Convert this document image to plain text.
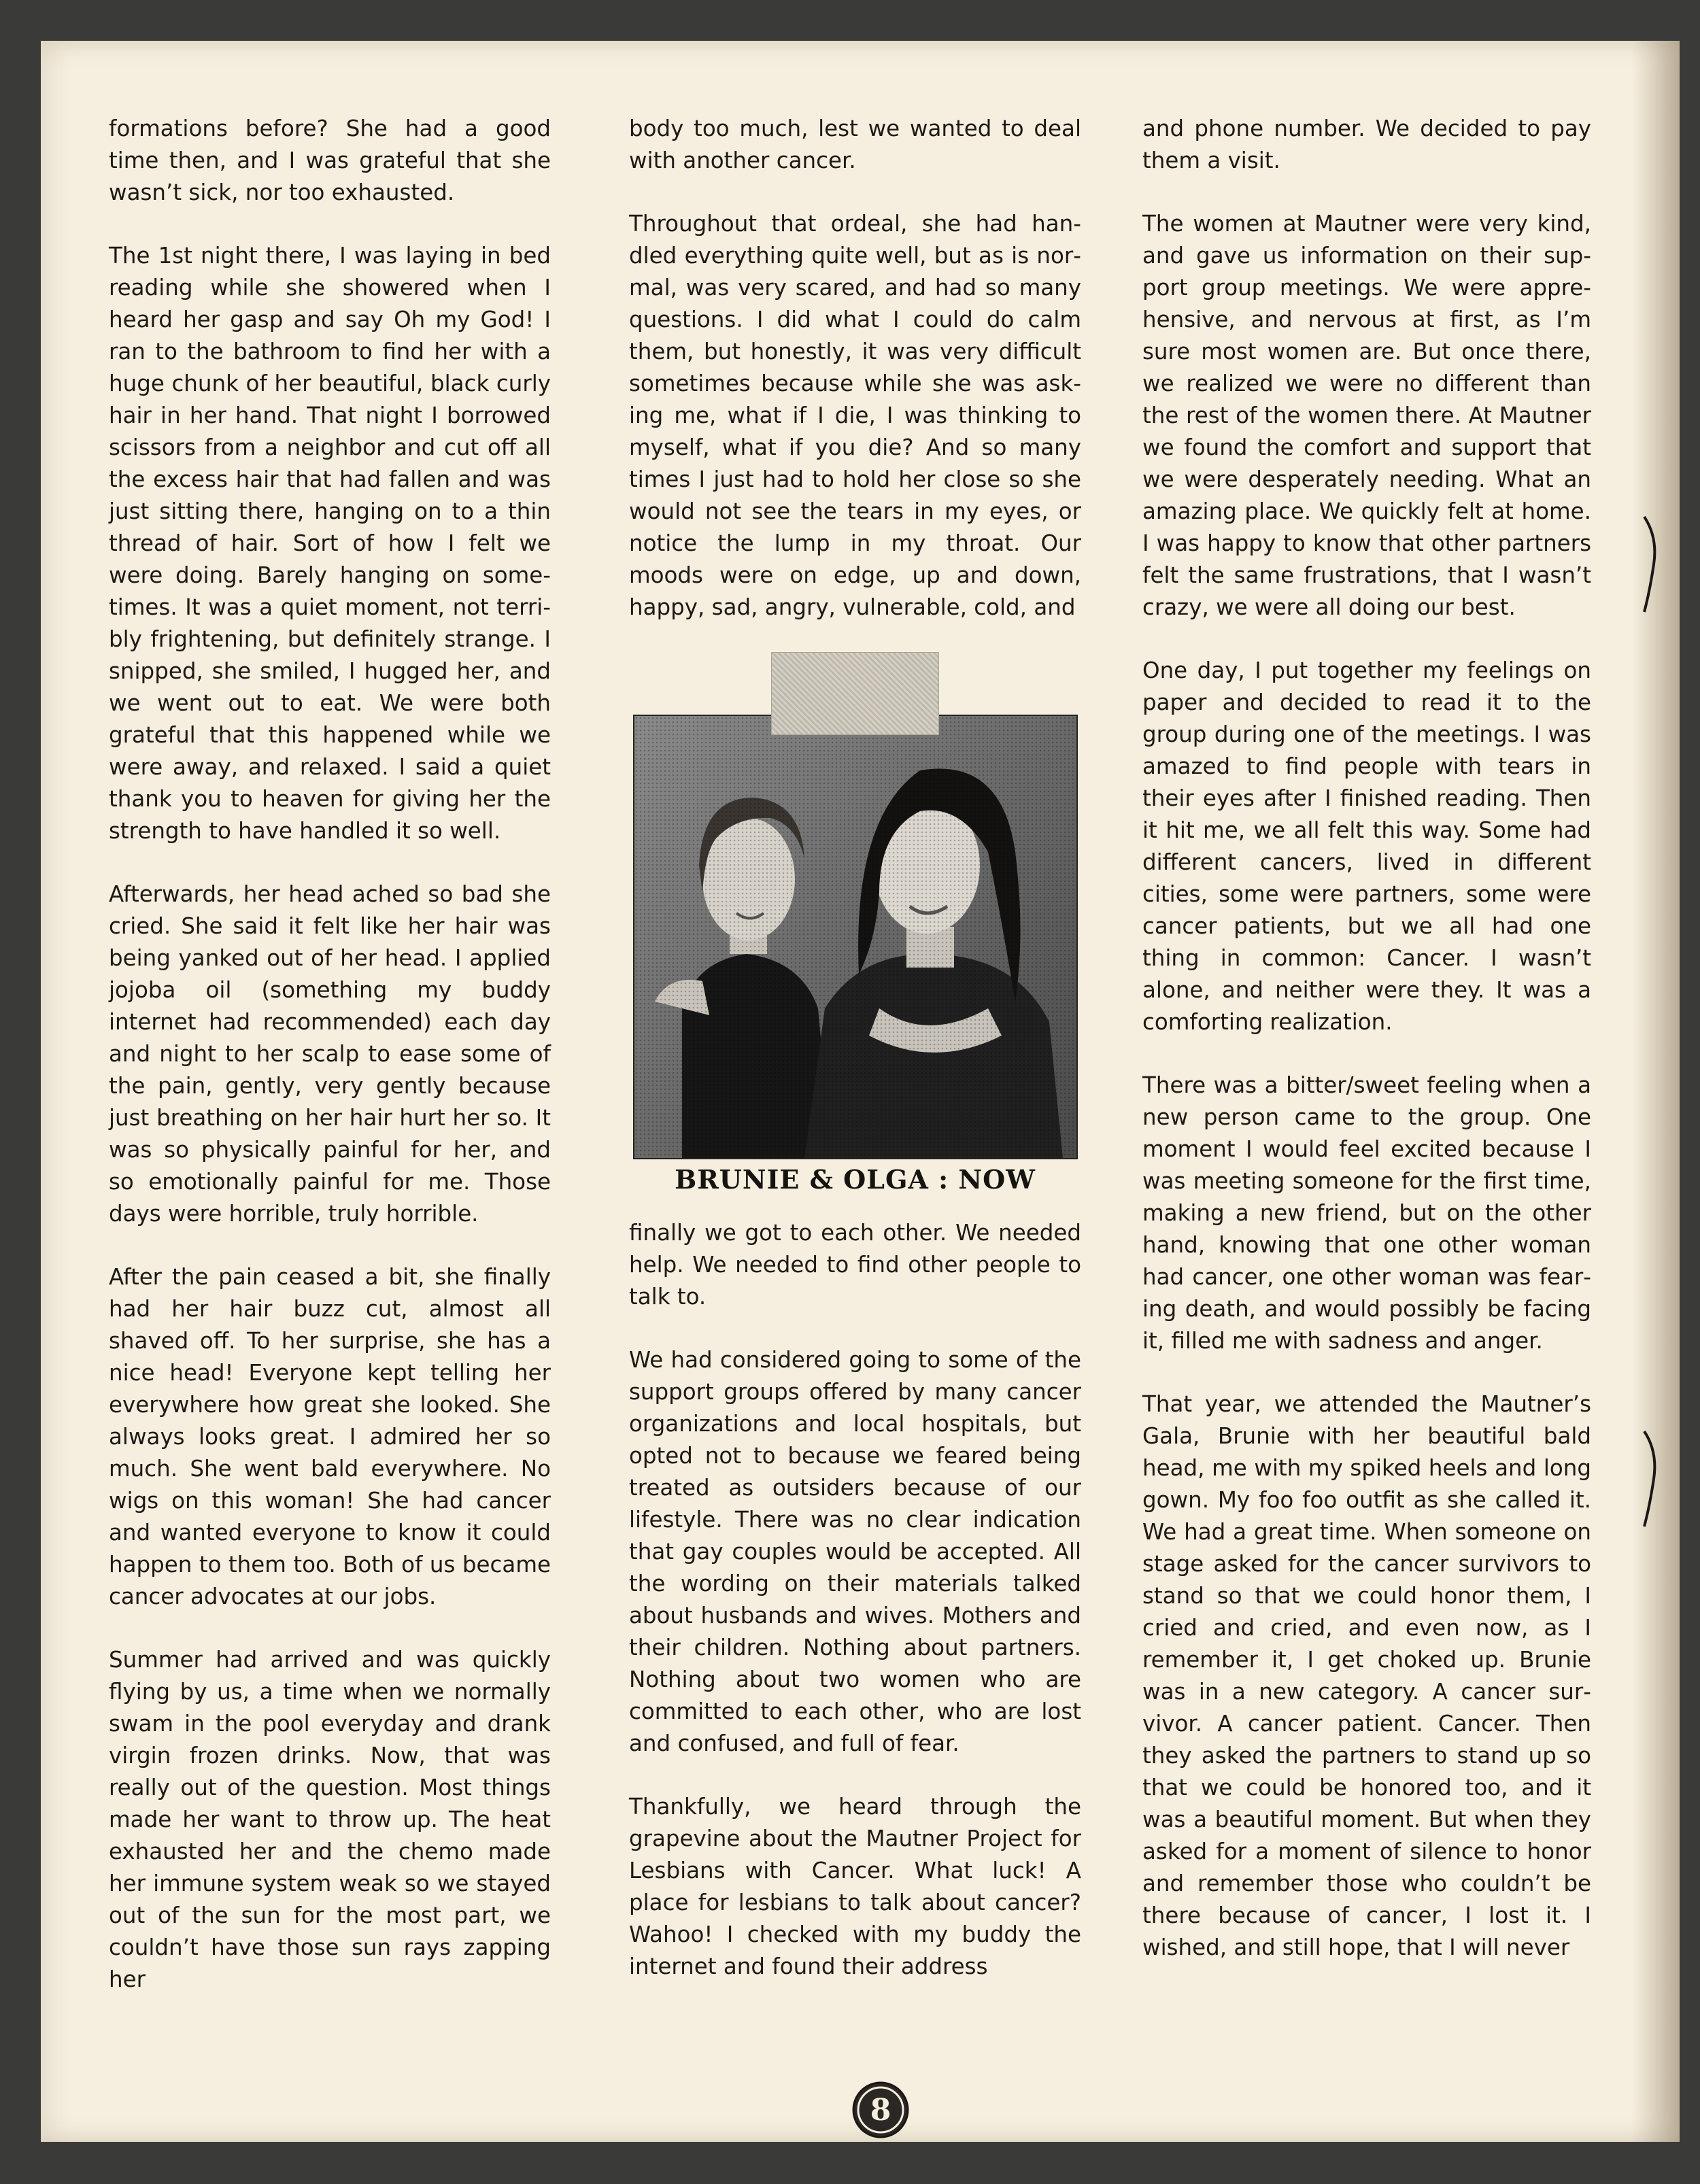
formations before? She had a good time then, and I was grateful that she wasn’t sick, nor too exhausted.

The 1st night there, I was laying in bed reading while she showered when I heard her gasp and say Oh my God! I ran to the bathroom to find her with a huge chunk of her beautiful, black curly hair in her hand. That night I borrowed scissors from a neighbor and cut off all the excess hair that had fallen and was just sitting there, hanging on to a thin thread of hair. Sort of how I felt we were doing. Barely hanging on sometimes. It was a quiet moment, not terribly frightening, but definitely strange. I snipped, she smiled, I hugged her, and we went out to eat. We were both grateful that this happened while we were away, and relaxed. I said a quiet thank you to heaven for giving her the strength to have handled it so well.

Afterwards, her head ached so bad she cried. She said it felt like her hair was being yanked out of her head. I applied jojoba oil (something my buddy internet had recommended) each day and night to her scalp to ease some of the pain, gently, very gently because just breathing on her hair hurt her so. It was so physically painful for her, and so emotionally painful for me. Those days were horrible, truly horrible.

After the pain ceased a bit, she finally had her hair buzz cut, almost all shaved off. To her surprise, she has a nice head! Everyone kept telling her everywhere how great she looked. She always looks great. I admired her so much. She went bald everywhere. No wigs on this woman! She had cancer and wanted everyone to know it could happen to them too. Both of us became cancer advocates at our jobs.

Summer had arrived and was quickly flying by us, a time when we normally swam in the pool everyday and drank virgin frozen drinks. Now, that was really out of the question. Most things made her want to throw up. The heat exhausted her and the chemo made her immune system weak so we stayed out of the sun for the most part, we couldn’t have those sun rays zapping her

body too much, lest we wanted to deal with another cancer.

Throughout that ordeal, she had handled everything quite well, but as is normal, was very scared, and had so many questions. I did what I could do calm them, but honestly, it was very difficult sometimes because while she was asking me, what if I die, I was thinking to myself, what if you die? And so many times I just had to hold her close so she would not see the tears in my eyes, or notice the lump in my throat. Our moods were on edge, up and down, happy, sad, angry, vulnerable, cold, and

BRUNIE & OLGA : NOW

finally we got to each other. We needed help. We needed to find other people to talk to.

We had considered going to some of the support groups offered by many cancer organizations and local hospitals, but opted not to because we feared being treated as outsiders because of our lifestyle. There was no clear indication that gay couples would be accepted. All the wording on their materials talked about husbands and wives. Mothers and their children. Nothing about partners. Nothing about two women who are committed to each other, who are lost and confused, and full of fear.

Thankfully, we heard through the grapevine about the Mautner Project for Lesbians with Cancer. What luck! A place for lesbians to talk about cancer? Wahoo! I checked with my buddy the internet and found their address

and phone number. We decided to pay them a visit.

The women at Mautner were very kind, and gave us information on their support group meetings. We were apprehensive, and nervous at first, as I’m sure most women are. But once there, we realized we were no different than the rest of the women there. At Mautner we found the comfort and support that we were desperately needing. What an amazing place. We quickly felt at home. I was happy to know that other partners felt the same frustrations, that I wasn’t crazy, we were all doing our best.

One day, I put together my feelings on paper and decided to read it to the group during one of the meetings. I was amazed to find people with tears in their eyes after I finished reading. Then it hit me, we all felt this way. Some had different cancers, lived in different cities, some were partners, some were cancer patients, but we all had one thing in common: Cancer. I wasn’t alone, and neither were they. It was a comforting realization.

There was a bitter/sweet feeling when a new person came to the group. One moment I would feel excited because I was meeting someone for the first time, making a new friend, but on the other hand, knowing that one other woman had cancer, one other woman was fearing death, and would possibly be facing it, filled me with sadness and anger.

That year, we attended the Mautner’s Gala, Brunie with her beautiful bald head, me with my spiked heels and long gown. My foo foo outfit as she called it. We had a great time. When someone on stage asked for the cancer survivors to stand so that we could honor them, I cried and cried, and even now, as I remember it, I get choked up. Brunie was in a new category. A cancer survivor. A cancer patient. Cancer. Then they asked the partners to stand up so that we could be honored too, and it was a beautiful moment. But when they asked for a moment of silence to honor and remember those who couldn’t be there because of cancer, I lost it. I wished, and still hope, that I will never

8
